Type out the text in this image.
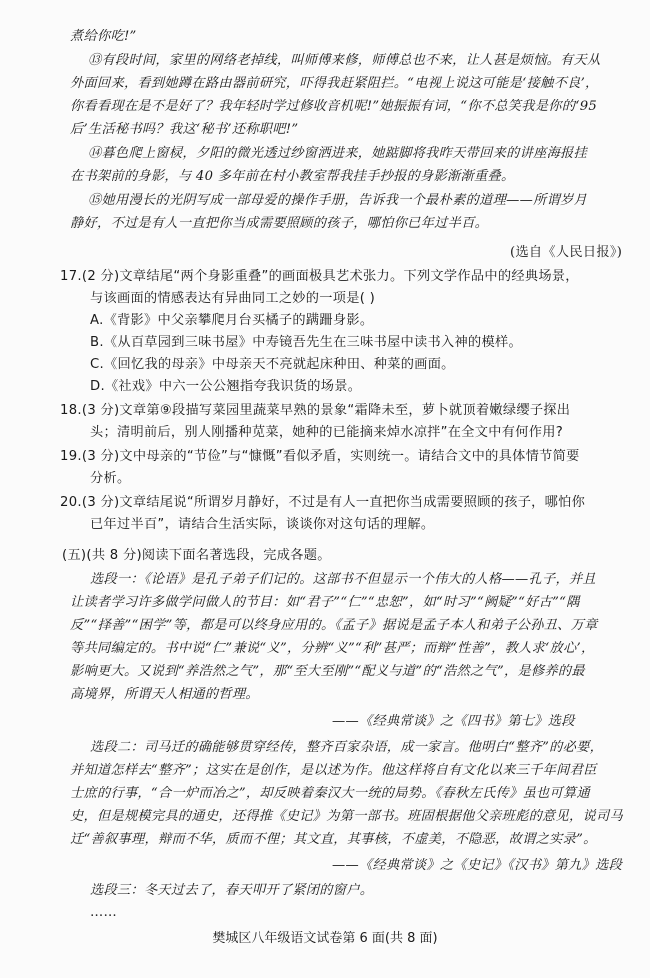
煮给你吃!”
⑬有段时间，家里的网络老掉线，叫师傅来修，师傅总也不来，让人甚是烦恼。有天从
外面回来，看到她蹲在路由器前研究，吓得我赶紧阻拦。“电视上说这可能是‘接触不良’，
你看看现在是不是好了？我年轻时学过修收音机呢!”她振振有词，“你不总笑我是你的‘95
后’生活秘书吗？我这‘秘书’还称职吧!”
⑭暮色爬上窗棂，夕阳的微光透过纱窗洒进来，她踮脚将我昨天带回来的讲座海报挂
在书架前的身影，与 40 多年前在村小教室帮我挂手抄报的身影渐渐重叠。
⑮她用漫长的光阴写成一部母爱的操作手册，告诉我一个最朴素的道理——所谓岁月
静好，不过是有人一直把你当成需要照顾的孩子，哪怕你已年过半百。
(选自《人民日报》)
17.(2 分)文章结尾“两个身影重叠”的画面极具艺术张力。下列文学作品中的经典场景，
与该画面的情感表达有异曲同工之妙的一项是( )
A.《背影》中父亲攀爬月台买橘子的蹒跚身影。
B.《从百草园到三味书屋》中寿镜吾先生在三味书屋中读书入神的模样。
C.《回忆我的母亲》中母亲天不亮就起床种田、种菜的画面。
D.《社戏》中六一公公翘指夸我识货的场景。
18.(3 分)文章第⑨段描写菜园里蔬菜早熟的景象“霜降未至，萝卜就顶着嫩绿缨子探出
头；清明前后，别人刚播种苋菜，她种的已能摘来焯水凉拌”在全文中有何作用?
19.(3 分)文中母亲的“节俭”与“慷慨”看似矛盾，实则统一。请结合文中的具体情节简要
分析。
20.(3 分)文章结尾说“所谓岁月静好，不过是有人一直把你当成需要照顾的孩子，哪怕你
已年过半百”，请结合生活实际，谈谈你对这句话的理解。
(五)(共 8 分)阅读下面名著选段，完成各题。
选段一：《论语》是孔子弟子们记的。这部书不但显示一个伟大的人格——孔子，并且
让读者学习许多做学问做人的节目：如“君子”“仁”“忠恕”，如“时习”“阙疑”“好古”“隅
反”“择善”“困学”等，都是可以终身应用的。《孟子》据说是孟子本人和弟子公孙丑、万章
等共同编定的。书中说“仁”兼说“义”，分辨“义”“利”甚严；而辩“性善”，教人求‘放心’，
影响更大。又说到“养浩然之气”，那“至大至刚”“配义与道”的“浩然之气”，是修养的最
高境界，所谓天人相通的哲理。
——《经典常谈》之《四书》第七》选段
选段二：司马迁的确能够贯穿经传，整齐百家杂语，成一家言。他明白“整齐”的必要，
并知道怎样去“整齐”；这实在是创作，是以述为作。他这样将自有文化以来三千年间君臣
士庶的行事，“合一炉而冶之”，却反映着秦汉大一统的局势。《春秋左氏传》虽也可算通
史，但是规模完具的通史，还得推《史记》为第一部书。班固根据他父亲班彪的意见，说司马
迁“善叙事理，辩而不华，质而不俚；其文直，其事核，不虚美，不隐恶，故谓之实录”。
——《经典常谈》之《史记》《汉书》第九》选段
选段三：冬天过去了，春天叩开了紧闭的窗户。
……
樊城区八年级语文试卷第 6 面(共 8 面)
